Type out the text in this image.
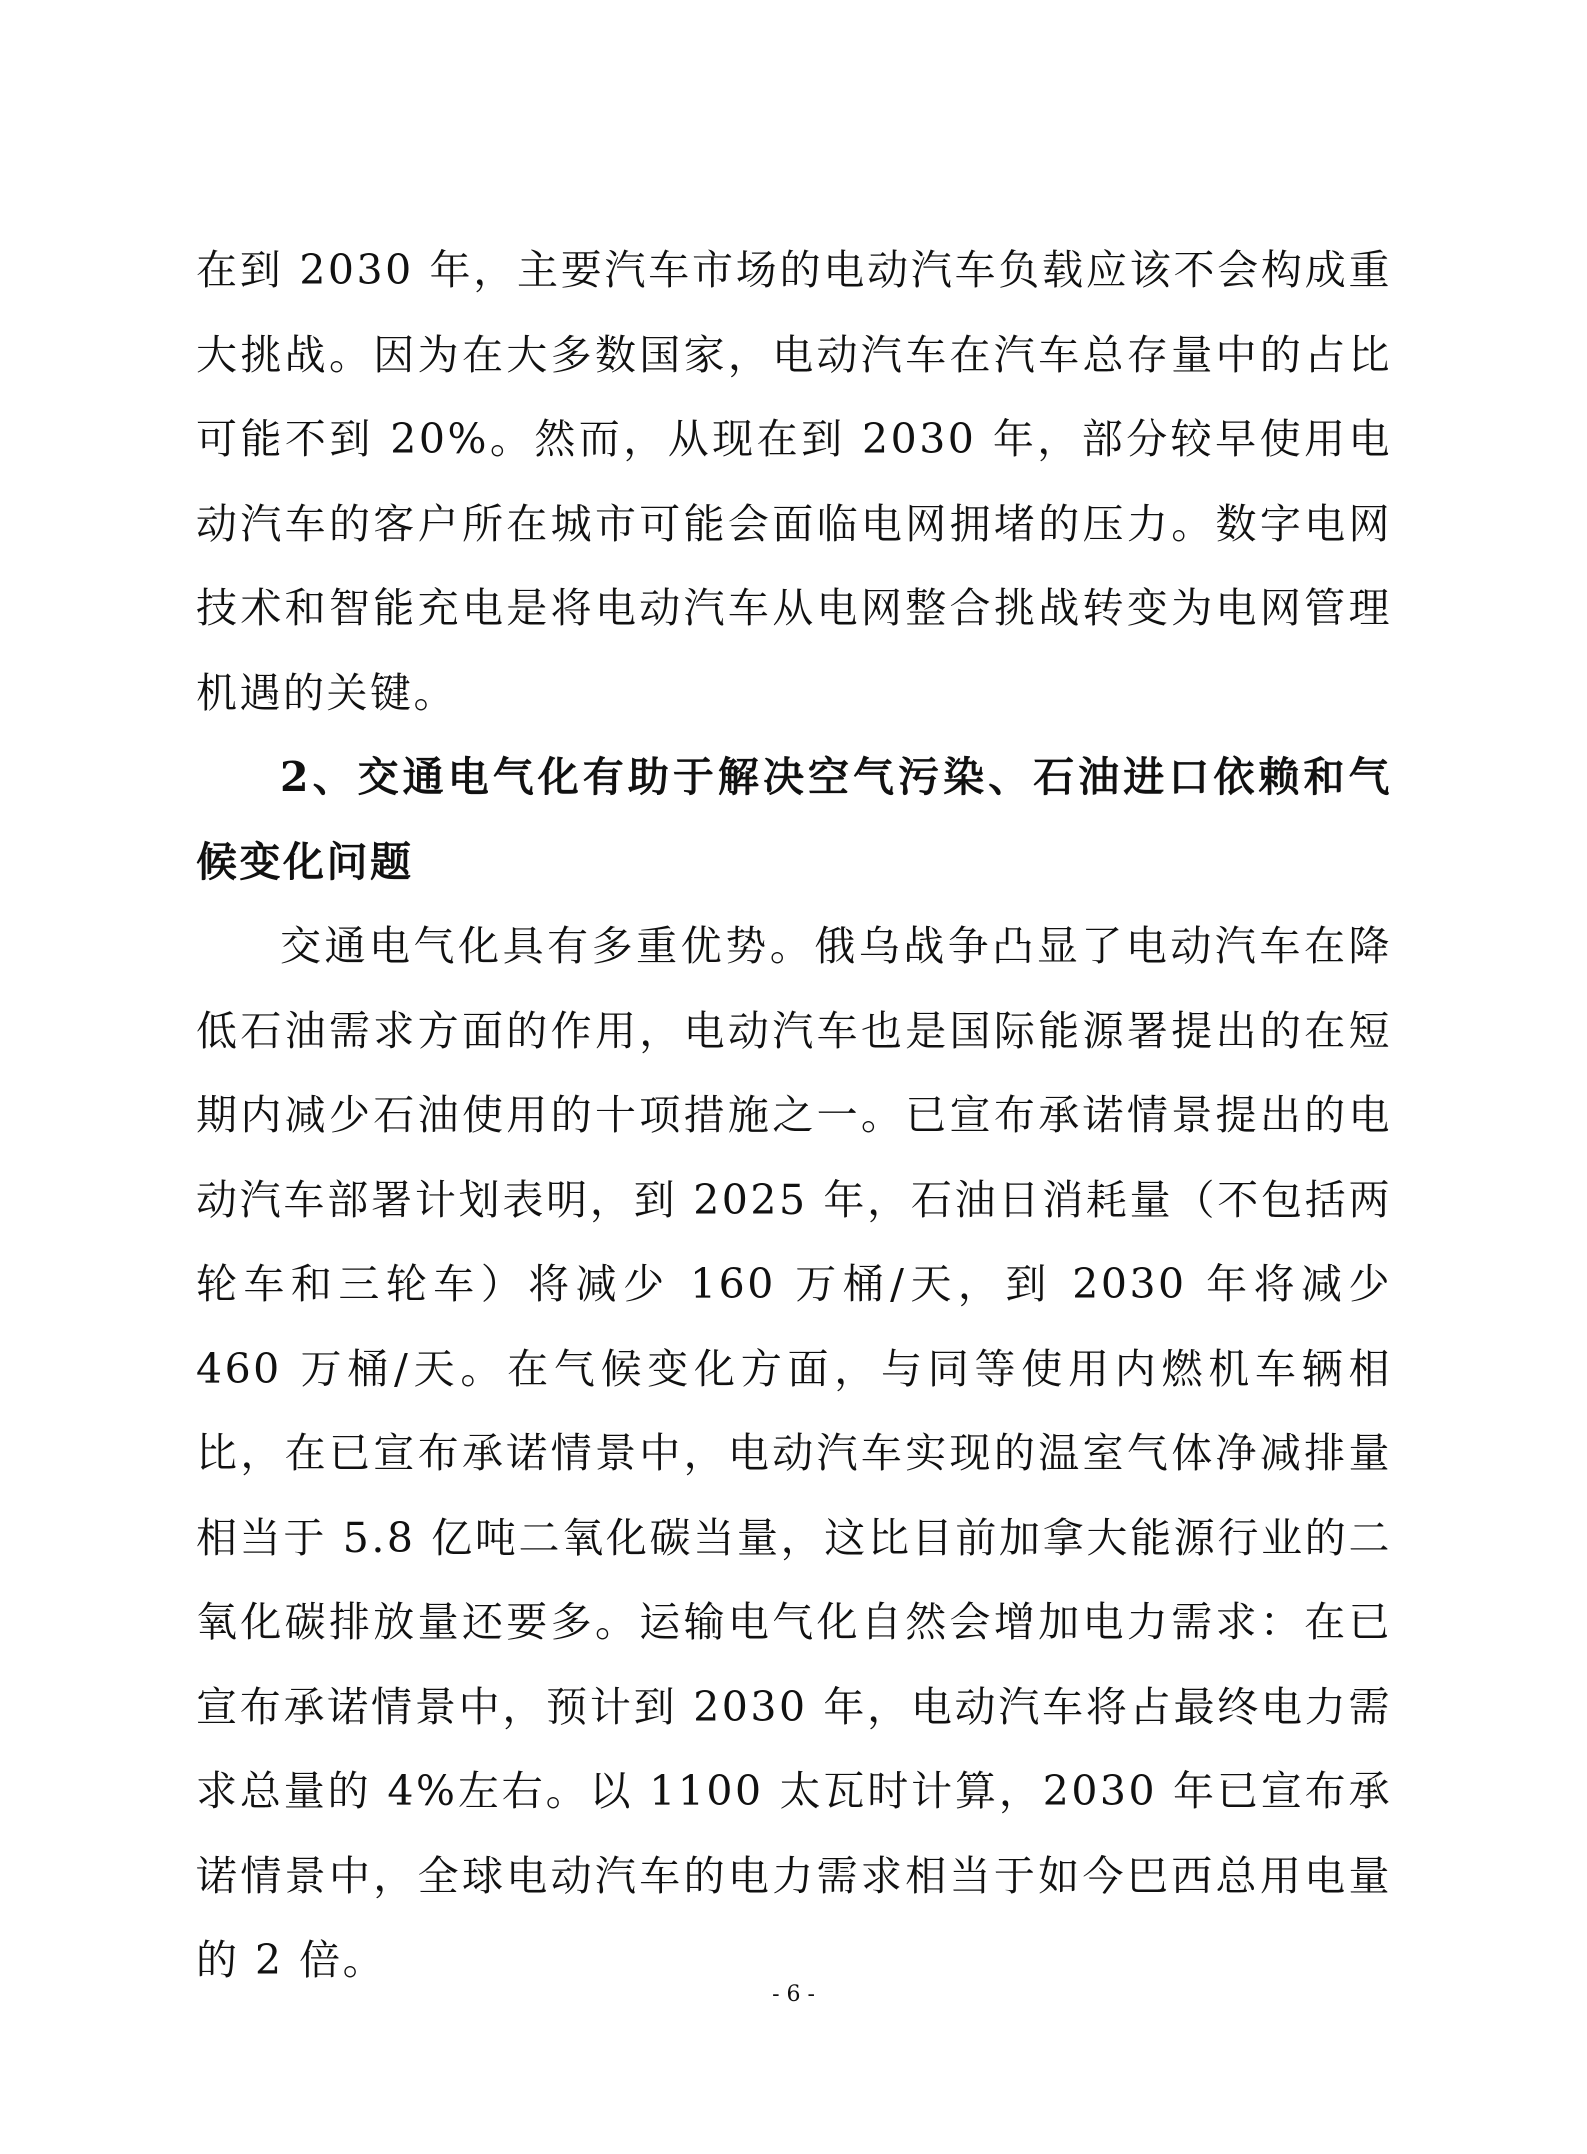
在到 2030 年，主要汽车市场的电动汽车负载应该不会构成重大挑战。因为在大多数国家，电动汽车在汽车总存量中的占比可能不到 20%。然而，从现在到 2030 年，部分较早使用电动汽车的客户所在城市可能会面临电网拥堵的压力。数字电网技术和智能充电是将电动汽车从电网整合挑战转变为电网管理机遇的关键。

2、交通电气化有助于解决空气污染、石油进口依赖和气候变化问题

交通电气化具有多重优势。俄乌战争凸显了电动汽车在降低石油需求方面的作用，电动汽车也是国际能源署提出的在短期内减少石油使用的十项措施之一。已宣布承诺情景提出的电动汽车部署计划表明，到 2025 年，石油日消耗量（不包括两轮车和三轮车）将减少 160 万桶/天，到 2030 年将减少 460 万桶/天。在气候变化方面，与同等使用内燃机车辆相比，在已宣布承诺情景中，电动汽车实现的温室气体净减排量相当于 5.8 亿吨二氧化碳当量，这比目前加拿大能源行业的二氧化碳排放量还要多。运输电气化自然会增加电力需求：在已宣布承诺情景中，预计到 2030 年，电动汽车将占最终电力需求总量的 4%左右。以 1100 太瓦时计算，2030 年已宣布承诺情景中，全球电动汽车的电力需求相当于如今巴西总用电量的 2 倍。

- 6 -
